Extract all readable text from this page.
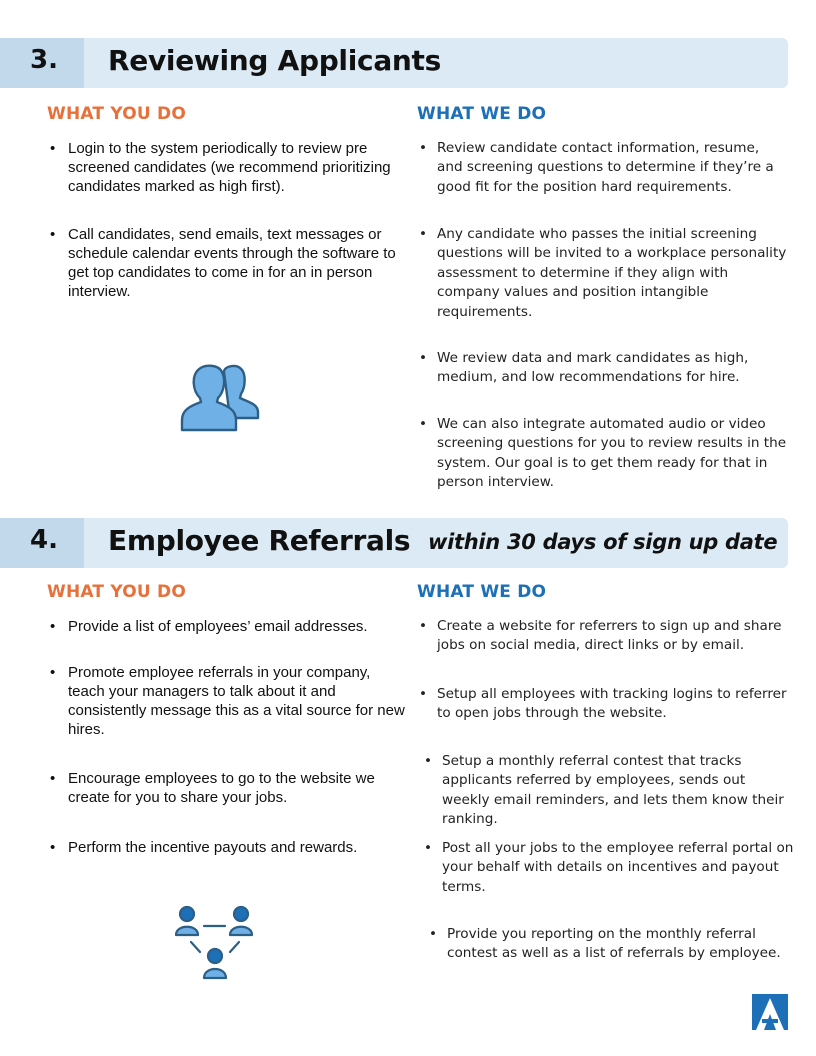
3. Reviewing Applicants
WHAT YOU DO	WHAT WE DO

• Login to the system periodically to review pre screened candidates (we recommend prioritizing candidates marked as high first).

• Call candidates, send emails, text messages or schedule calendar events through the software to get top candidates to come in for an in person interview.

• Review candidate contact information, resume, and screening questions to determine if they’re a good fit for the position hard requirements.

• Any candidate who passes the initial screening questions will be invited to a workplace personality assessment to determine if they align with company values and position intangible requirements.

• We review data and mark candidates as high, medium, and low recommendations for hire.

• We can also integrate automated audio or video screening questions for you to review results in the system. Our goal is to get them ready for that in person interview.

4. Employee Referrals within 30 days of sign up date
WHAT YOU DO	WHAT WE DO

• Provide a list of employees’ email addresses.

• Promote employee referrals in your company, teach your managers to talk about it and consistently message this as a vital source for new hires.

• Encourage employees to go to the website we create for you to share your jobs.

• Perform the incentive payouts and rewards.

• Create a website for referrers to sign up and share jobs on social media, direct links or by email.

• Setup all employees with tracking logins to referrer to open jobs through the website.

• Setup a monthly referral contest that tracks applicants referred by employees, sends out weekly email reminders, and lets them know their ranking.

• Post all your jobs to the employee referral portal on your behalf with details on incentives and payout terms.

• Provide you reporting on the monthly referral contest as well as a list of referrals by employee.
